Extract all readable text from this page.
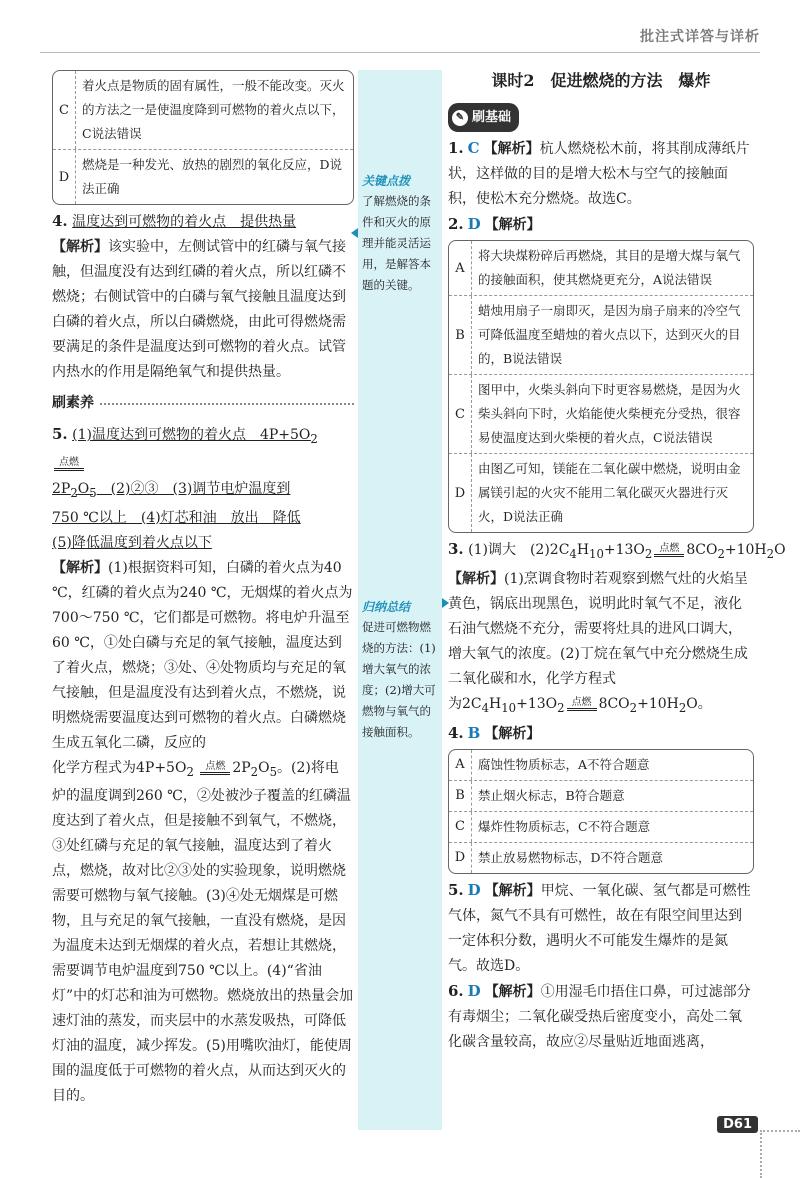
批注式详答与详析
C
着火点是物质的固有属性，一般不能改变。灭火的方法之一是使温度降到可燃物的着火点以下，C说法错误
D
燃烧是一种发光、放热的剧烈的氧化反应，D说法正确

4. 温度达到可燃物的着火点　提供热量

【解析】该实验中，左侧试管中的红磷与氧气接触，但温度没有达到红磷的着火点，所以红磷不燃烧；右侧试管中的白磷与氧气接触且温度达到白磷的着火点，所以白磷燃烧，由此可得燃烧需要满足的条件是温度达到可燃物的着火点。试管内热水的作用是隔绝氧气和提供热量。

刷素养

5. (1)温度达到可燃物的着火点　$4P+5O_2$
点燃

$2P_2O_5$　(2)②③　(3)调节电炉温度到

750 ℃以上　(4)灯芯和油　放出　降低

(5)降低温度到着火点以下

【解析】(1)根据资料可知，白磷的着火点为40 ℃，红磷的着火点为240 ℃，无烟煤的着火点为700～750 ℃，它们都是可燃物。将电炉升温至60 ℃，①处白磷与充足的氧气接触，温度达到了着火点，燃烧；③处、④处物质均与充足的氧气接触，但是温度没有达到着火点，不燃烧，说明燃烧需要温度达到可燃物的着火点。白磷燃烧生成五氧化二磷，反应的

化学方程式为$4P+5O_2$ 点燃 $2P_2O_5$。(2)将电

炉的温度调到260 ℃，②处被沙子覆盖的红磷温度达到了着火点，但是接触不到氧气，不燃烧，③处红磷与充足的氧气接触，温度达到了着火点，燃烧，故对比②③处的实验现象，说明燃烧需要可燃物与氧气接触。(3)④处无烟煤是可燃物，且与充足的氧气接触，一直没有燃烧，是因为温度未达到无烟煤的着火点，若想让其燃烧，需要调节电炉温度到750 ℃以上。(4)“省油灯”中的灯芯和油为可燃物。燃烧放出的热量会加速灯油的蒸发，而夹层中的水蒸发吸热，可降低灯油的温度，减少挥发。(5)用嘴吹油灯，能使周围的温度低于可燃物的着火点，从而达到灭火的目的。

关键点拨
了解燃烧的条件和灭火的原理并能灵活运用，是解答本题的关键。
归纳总结
促进可燃物燃烧的方法：(1)增大氧气的浓度；(2)增大可燃物与氧气的接触面积。
课时2　促进燃烧的方法　爆炸
✎ 刷基础

1. C 【解析】杭人燃烧松木前，将其削成薄纸片状，这样做的目的是增大松木与空气的接触面积，使松木充分燃烧。故选C。

2. D 【解析】

A
将大块煤粉碎后再燃烧，其目的是增大煤与氧气的接触面积，使其燃烧更充分，A说法错误
B
蜡烛用扇子一扇即灭，是因为扇子扇来的冷空气可降低温度至蜡烛的着火点以下，达到灭火的目的，B说法错误
C
图甲中，火柴头斜向下时更容易燃烧，是因为火柴头斜向下时，火焰能使火柴梗充分受热，很容易使温度达到火柴梗的着火点，C说法错误
D
由图乙可知，镁能在二氧化碳中燃烧，说明由金属镁引起的火灾不能用二氧化碳灭火器进行灭火，D说法正确

3. (1)调大　$(2)2C_4H_{10}+13O_2$ 点燃 $8CO_2+10H_2O$

【解析】(1)烹调食物时若观察到燃气灶的火焰呈黄色，锅底出现黑色，说明此时氧气不足，液化石油气燃烧不充分，需要将灶具的进风口调大，增大氧气的浓度。(2)丁烷在氧气中充分燃烧生成二氧化碳和水，化学方程式

为$2C_4H_{10}+13O_2$ 点燃 $8CO_2+10H_2O$。

4. B 【解析】

A	腐蚀性物质标志，A不符合题意
B	禁止烟火标志，B符合题意
C	爆炸性物质标志，C不符合题意
D	禁止放易燃物标志，D不符合题意

5. D 【解析】甲烷、一氧化碳、氢气都是可燃性气体，氮气不具有可燃性，故在有限空间里达到一定体积分数，遇明火不可能发生爆炸的是氮气。故选D。

6. D 【解析】①用湿毛巾捂住口鼻，可过滤部分有毒烟尘；二氧化碳受热后密度变小，高处二氧化碳含量较高，故应②尽量贴近地面逃离，

D61
